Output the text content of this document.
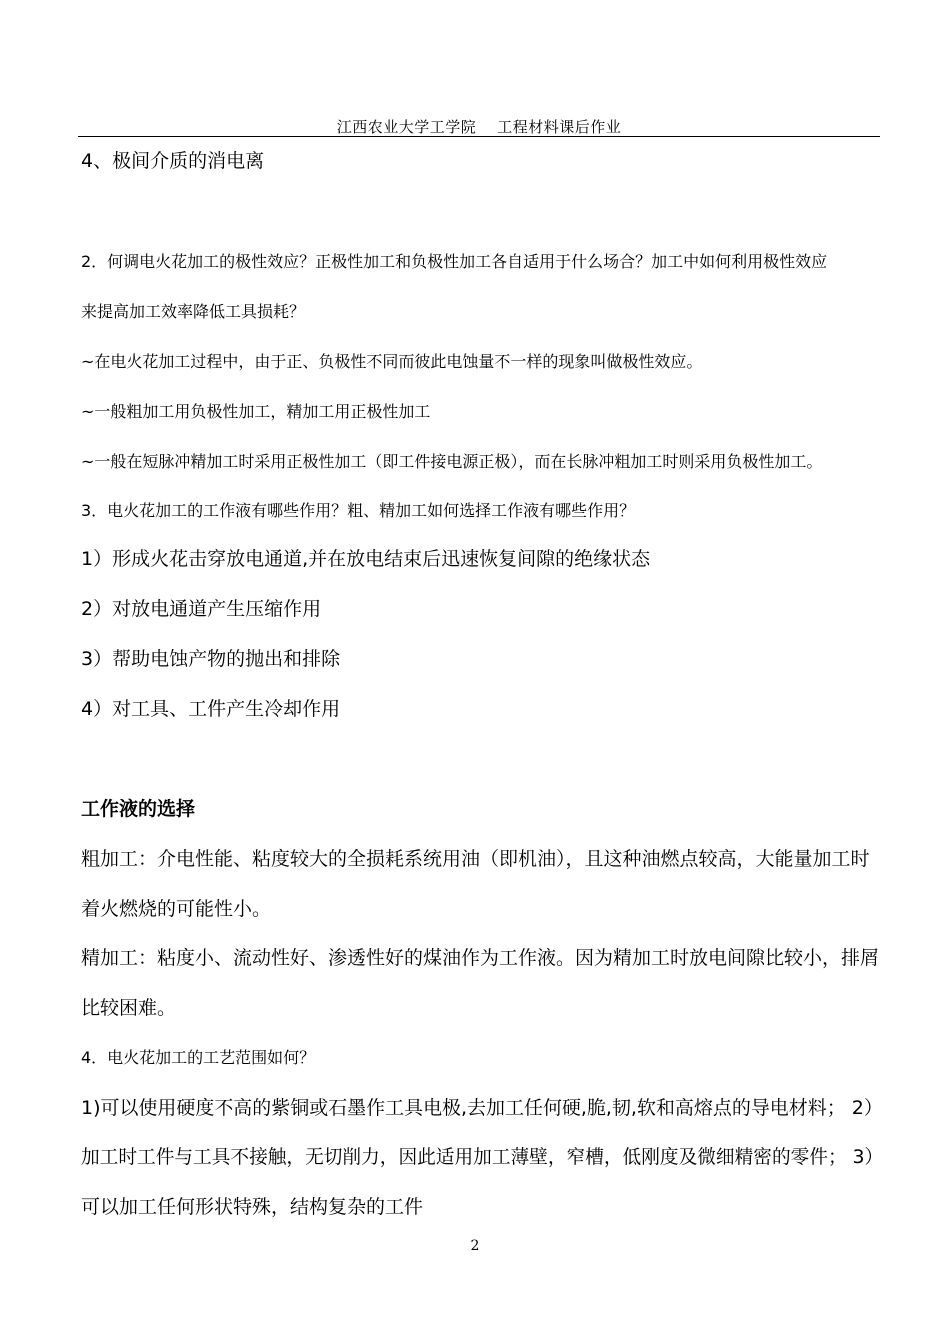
江西农业大学工学院    工程材料课后作业
4、极间介质的消电离
2．何调电火花加工的极性效应？正极性加工和负极性加工各自适用于什么场合？加工中如何利用极性效应
来提高加工效率降低工具损耗？
~在电火花加工过程中，由于正、负极性不同而彼此电蚀量不一样的现象叫做极性效应。
~一般粗加工用负极性加工，精加工用正极性加工
~一般在短脉冲精加工时采用正极性加工（即工件接电源正极），而在长脉冲粗加工时则采用负极性加工。
3．电火花加工的工作液有哪些作用？粗、精加工如何选择工作液有哪些作用？
1）形成火花击穿放电通道,并在放电结束后迅速恢复间隙的绝缘状态
2）对放电通道产生压缩作用
3）帮助电蚀产物的抛出和排除
4）对工具、工件产生冷却作用
工作液的选择
粗加工：介电性能、粘度较大的全损耗系统用油（即机油），且这种油燃点较高，大能量加工时
着火燃烧的可能性小。
精加工：粘度小、流动性好、渗透性好的煤油作为工作液。因为精加工时放电间隙比较小，排屑
比较困难。
4．电火花加工的工艺范围如何？
1)可以使用硬度不高的紫铜或石墨作工具电极,去加工任何硬,脆,韧,软和高熔点的导电材料； 2）
加工时工件与工具不接触，无切削力，因此适用加工薄壁，窄槽，低刚度及微细精密的零件； 3）
可以加工任何形状特殊，结构复杂的工件
2
